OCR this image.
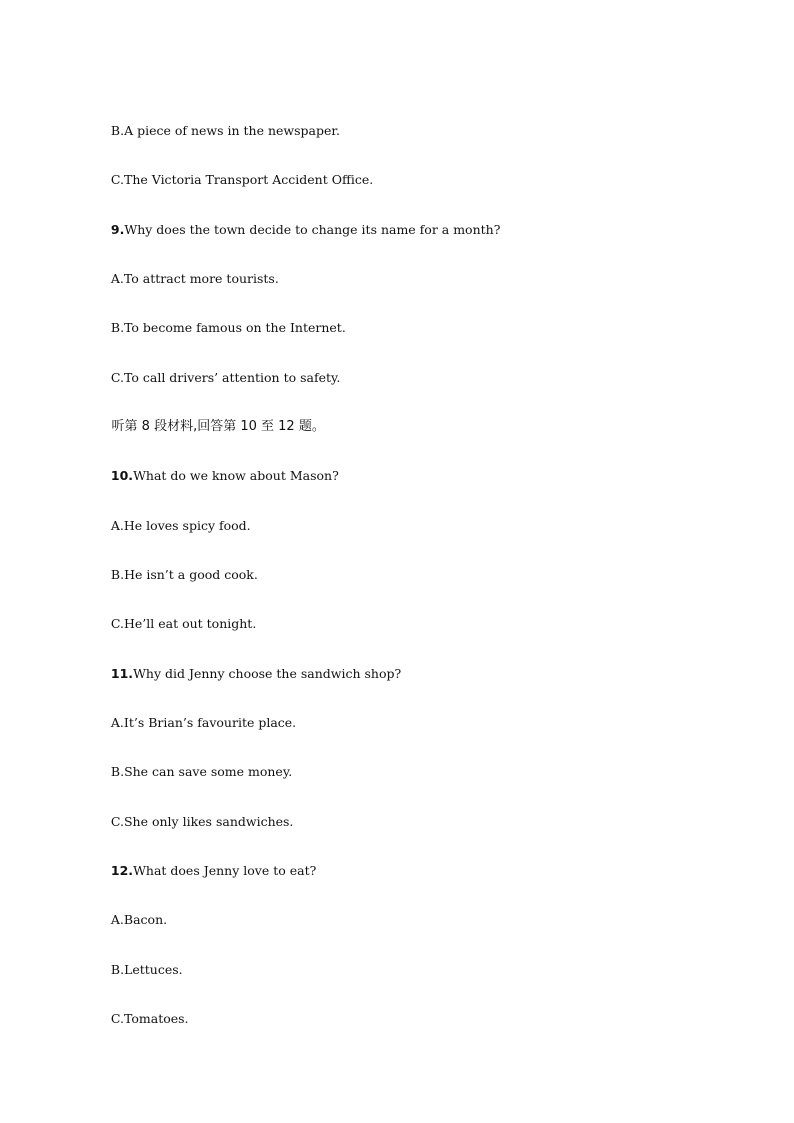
B.A piece of news in the newspaper.

C.The Victoria Transport Accident Office.

9.Why does the town decide to change its name for a month?

A.To attract more tourists.

B.To become famous on the Internet.

C.To call drivers’ attention to safety.

听第 8 段材料,回答第 10 至 12 题。

10.What do we know about Mason?

A.He loves spicy food.

B.He isn’t a good cook.

C.He’ll eat out tonight.

11.Why did Jenny choose the sandwich shop?

A.It’s Brian’s favourite place.

B.She can save some money.

C.She only likes sandwiches.

12.What does Jenny love to eat?

A.Bacon.

B.Lettuces.

C.Tomatoes.
